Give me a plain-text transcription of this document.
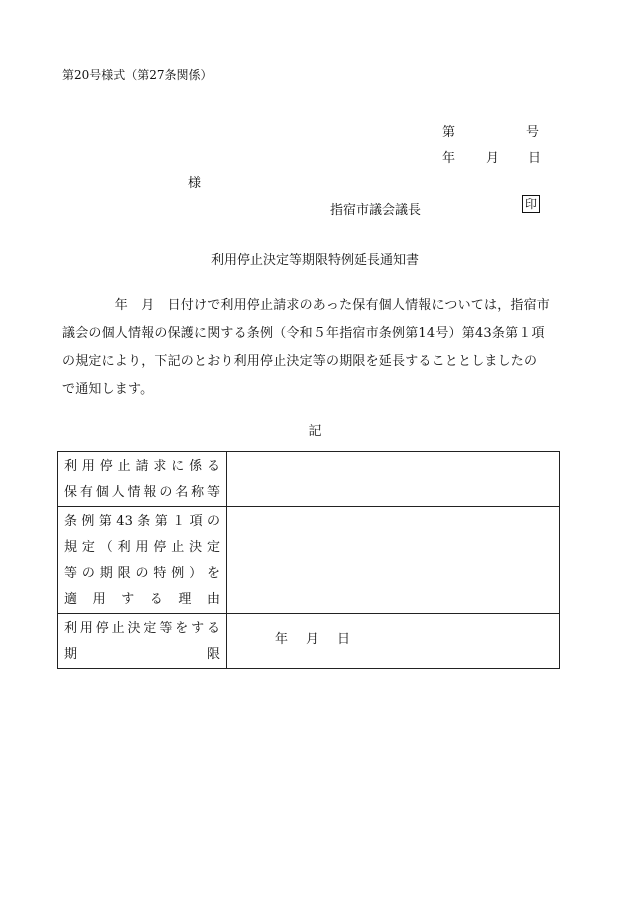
第20号様式（第27条関係）
第	号
年 月 日
様
指宿市議会議長	印
利用停止決定等期限特例延長通知書

　　　　年　月　日付けで利用停止請求のあった保有個人情報については，指宿市

議会の個人情報の保護に関する条例（令和５年指宿市条例第14号）第43条第１項

の規定により，下記のとおり利用停止決定等の期限を延長することとしましたの

で通知します。

記
利用停止請求に係る
保有個人情報の名称等	

条例第43条第１項の
規定（利用停止決定
等の期限の特例）を
適用する理由	

利用停止決定等をする
期限	年 月 日
